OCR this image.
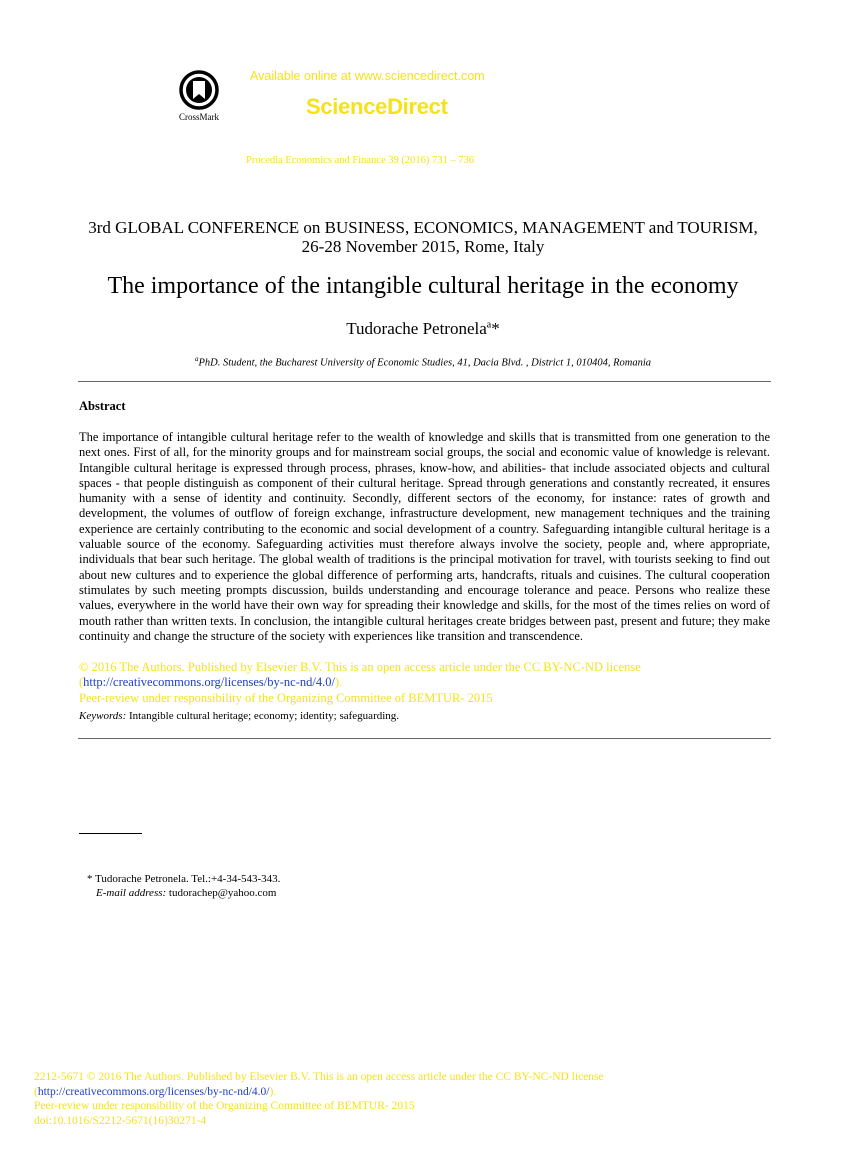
CrossMark
Available online at www.sciencedirect.com
ScienceDirect
Procedia Economics and Finance 39 (2016) 731 – 736
3rd GLOBAL CONFERENCE on BUSINESS, ECONOMICS, MANAGEMENT and TOURISM,
26-28 November 2015, Rome, Italy
The importance of the intangible cultural heritage in the economy
Tudorache Petronela$^a$*
$^a$PhD. Student, the Bucharest University of Economic Studies, 41, Dacia Blvd. , District 1, 010404, Romania
Abstract
The importance of intangible cultural heritage refer to the wealth of knowledge and skills that is transmitted from one generation to the next ones. First of all, for the minority groups and for mainstream social groups, the social and economic value of knowledge is relevant. Intangible cultural heritage is expressed through process, phrases, know-how, and abilities- that include associated objects and cultural spaces - that people distinguish as component of their cultural heritage. Spread through generations and constantly recreated, it ensures humanity with a sense of identity and continuity. Secondly, different sectors of the economy, for instance: rates of growth and development, the volumes of outflow of foreign exchange, infrastructure development, new management techniques and the training experience are certainly contributing to the economic and social development of a country. Safeguarding intangible cultural heritage is a valuable source of the economy. Safeguarding activities must therefore always involve the society, people and, where appropriate, individuals that bear such heritage. The global wealth of traditions is the principal motivation for travel, with tourists seeking to find out about new cultures and to experience the global difference of performing arts, handcrafts, rituals and cuisines. The cultural cooperation stimulates by such meeting prompts discussion, builds understanding and encourage tolerance and peace. Persons who realize these values, everywhere in the world have their own way for spreading their knowledge and skills, for the most of the times relies on word of mouth rather than written texts. In conclusion, the intangible cultural heritages create bridges between past, present and future; they make continuity and change the structure of the society with experiences like transition and transcendence.
© 2016 The Authors. Published by Elsevier B.V. This is an open access article under the CC BY-NC-ND license
(http://creativecommons.org/licenses/by-nc-nd/4.0/).
Peer-review under responsibility of the Organizing Committee of BEMTUR- 2015
Keywords: Intangible cultural heritage; economy; identity; safeguarding.
* Tudorache Petronela. Tel.:+4-34-543-343.
E-mail address: tudorachep@yahoo.com
2212-5671 © 2016 The Authors. Published by Elsevier B.V. This is an open access article under the CC BY-NC-ND license
(http://creativecommons.org/licenses/by-nc-nd/4.0/).
Peer-review under responsibility of the Organizing Committee of BEMTUR- 2015
doi:10.1016/S2212-5671(16)30271-4
